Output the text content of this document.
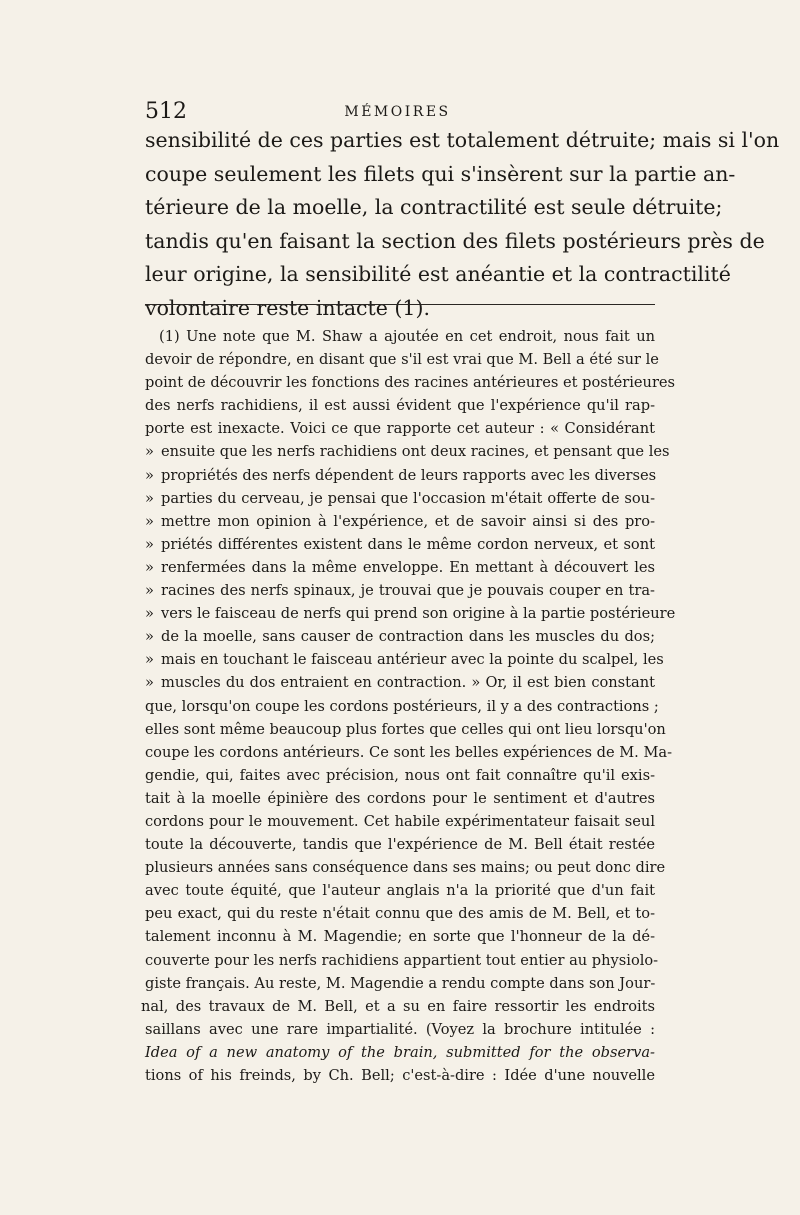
512	MÉMOIRES
sensibilité de ces parties est totalement détruite; mais si l'on
coupe seulement les filets qui s'insèrent sur la partie an-
térieure de la moelle, la contractilité est seule détruite;
tandis qu'en faisant la section des filets postérieurs près de
leur origine, la sensibilité est anéantie et la contractilité
volontaire reste intacte (1).
(1) Une note que M. Shaw a ajoutée en cet endroit, nous fait un
devoir de répondre, en disant que s'il est vrai que M. Bell a été sur le
point de découvrir les fonctions des racines antérieures et postérieures
des nerfs rachidiens, il est aussi évident que l'expérience qu'il rap-
porte est inexacte. Voici ce que rapporte cet auteur : « Considérant
» ensuite que les nerfs rachidiens ont deux racines, et pensant que les
» propriétés des nerfs dépendent de leurs rapports avec les diverses
» parties du cerveau, je pensai que l'occasion m'était offerte de sou-
» mettre mon opinion à l'expérience, et de savoir ainsi si des pro-
» priétés différentes existent dans le même cordon nerveux, et sont
» renfermées dans la même enveloppe. En mettant à découvert les
» racines des nerfs spinaux, je trouvai que je pouvais couper en tra-
» vers le faisceau de nerfs qui prend son origine à la partie postérieure
» de la moelle, sans causer de contraction dans les muscles du dos;
» mais en touchant le faisceau antérieur avec la pointe du scalpel, les
» muscles du dos entraient en contraction. » Or, il est bien constant
que, lorsqu'on coupe les cordons postérieurs, il y a des contractions ;
elles sont même beaucoup plus fortes que celles qui ont lieu lorsqu'on
coupe les cordons antérieurs. Ce sont les belles expériences de M. Ma-
gendie, qui, faites avec précision, nous ont fait connaître qu'il exis-
tait à la moelle épinière des cordons pour le sentiment et d'autres
cordons pour le mouvement. Cet habile expérimentateur faisait seul
toute la découverte, tandis que l'expérience de M. Bell était restée
plusieurs années sans conséquence dans ses mains; ou peut donc dire
avec toute équité, que l'auteur anglais n'a la priorité que d'un fait
peu exact, qui du reste n'était connu que des amis de M. Bell, et to-
talement inconnu à M. Magendie; en sorte que l'honneur de la dé-
couverte pour les nerfs rachidiens appartient tout entier au physiolo-
giste français. Au reste, M. Magendie a rendu compte dans son Jour-
nal, des travaux de M. Bell, et a su en faire ressortir les endroits
saillans avec une rare impartialité. (Voyez la brochure intitulée :
Idea of a new anatomy of the brain, submitted for the observa-
tions of his freinds, by Ch. Bell; c'est-à-dire : Idée d'une nouvelle
